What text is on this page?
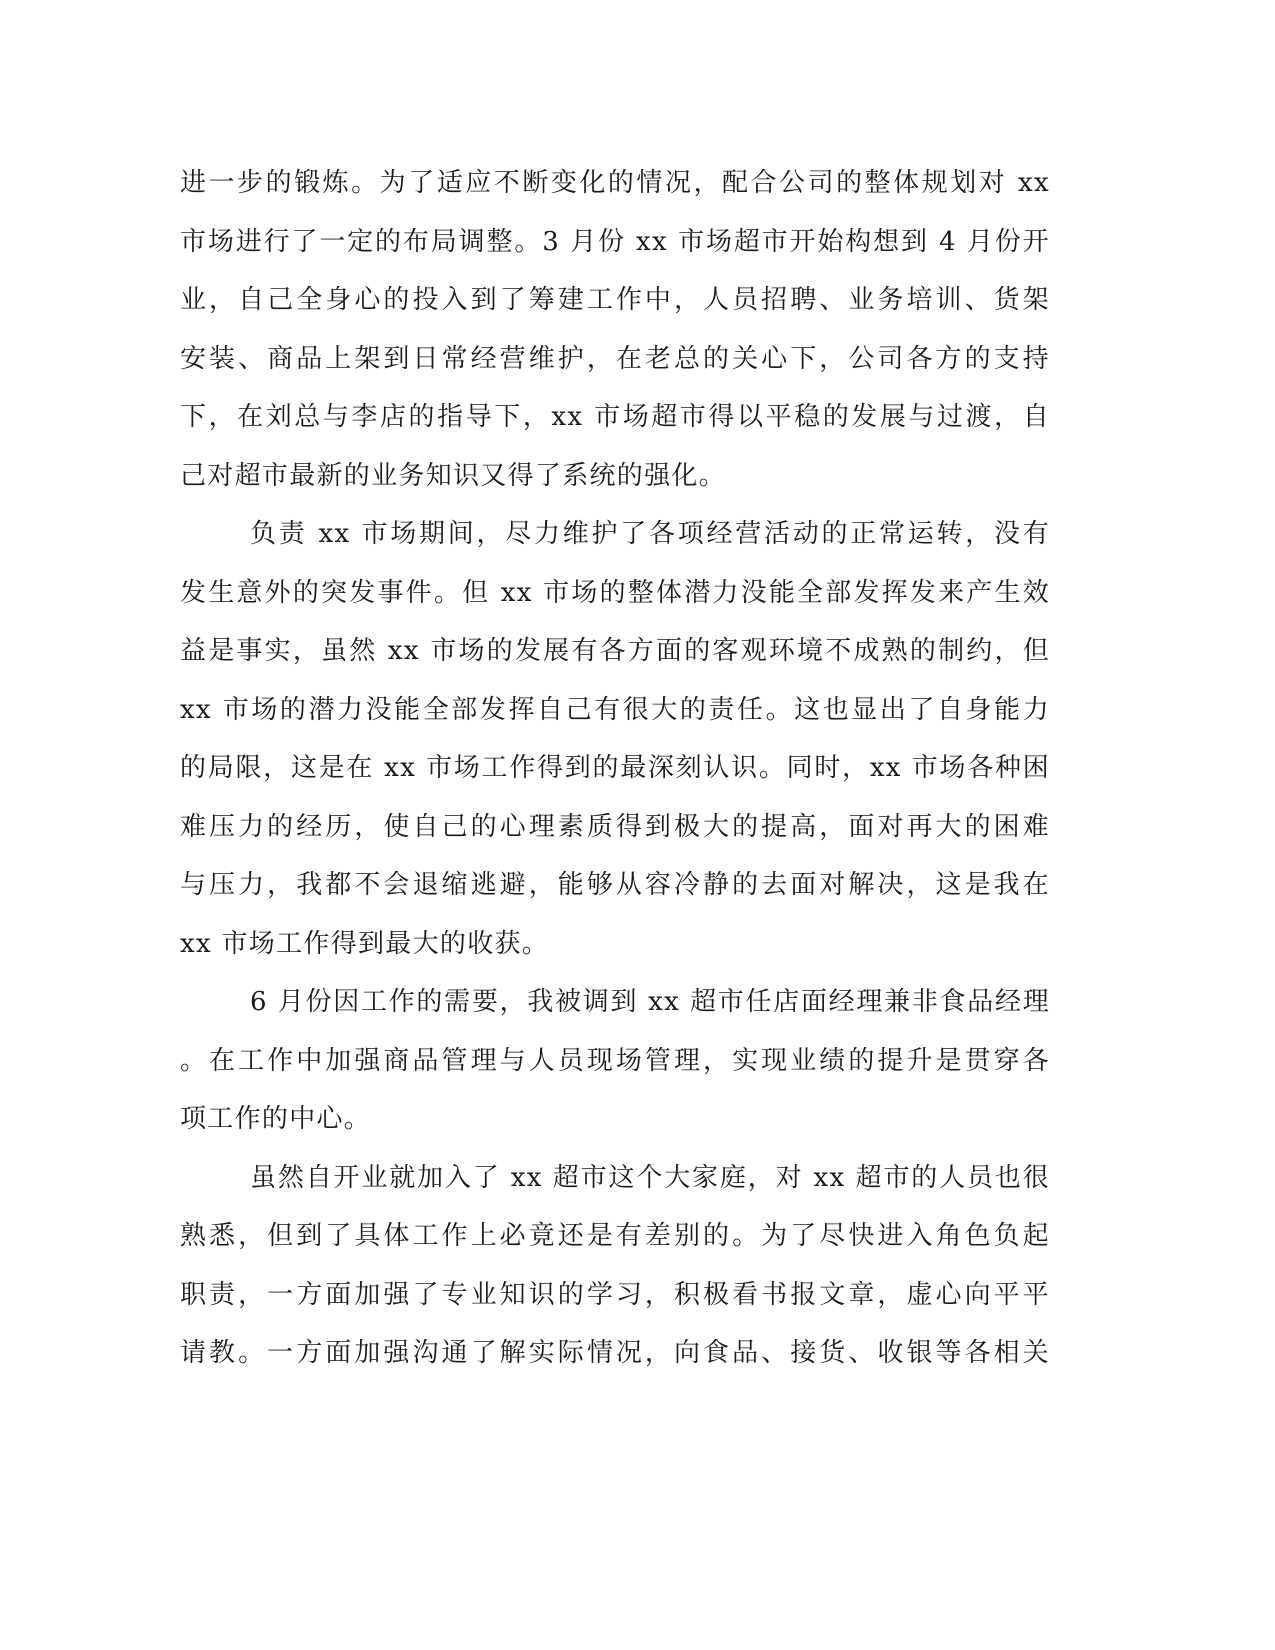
进一步的锻炼。为了适应不断变化的情况，配合公司的整体规划对 xx
市场进行了一定的布局调整。3 月份 xx 市场超市开始构想到 4 月份开
业，自己全身心的投入到了筹建工作中，人员招聘、业务培训、货架
安装、商品上架到日常经营维护，在老总的关心下，公司各方的支持
下，在刘总与李店的指导下，xx 市场超市得以平稳的发展与过渡，自
己对超市最新的业务知识又得了系统的强化。
负责 xx 市场期间，尽力维护了各项经营活动的正常运转，没有
发生意外的突发事件。但 xx 市场的整体潜力没能全部发挥发来产生效
益是事实，虽然 xx 市场的发展有各方面的客观环境不成熟的制约，但
xx 市场的潜力没能全部发挥自己有很大的责任。这也显出了自身能力
的局限，这是在 xx 市场工作得到的最深刻认识。同时，xx 市场各种困
难压力的经历，使自己的心理素质得到极大的提高，面对再大的困难
与压力，我都不会退缩逃避，能够从容冷静的去面对解决，这是我在
xx 市场工作得到最大的收获。
6 月份因工作的需要，我被调到 xx 超市任店面经理兼非食品经理
。在工作中加强商品管理与人员现场管理，实现业绩的提升是贯穿各
项工作的中心。
虽然自开业就加入了 xx 超市这个大家庭，对 xx 超市的人员也很
熟悉，但到了具体工作上必竟还是有差别的。为了尽快进入角色负起
职责，一方面加强了专业知识的学习，积极看书报文章，虚心向平平
请教。一方面加强沟通了解实际情况，向食品、接货、收银等各相关
